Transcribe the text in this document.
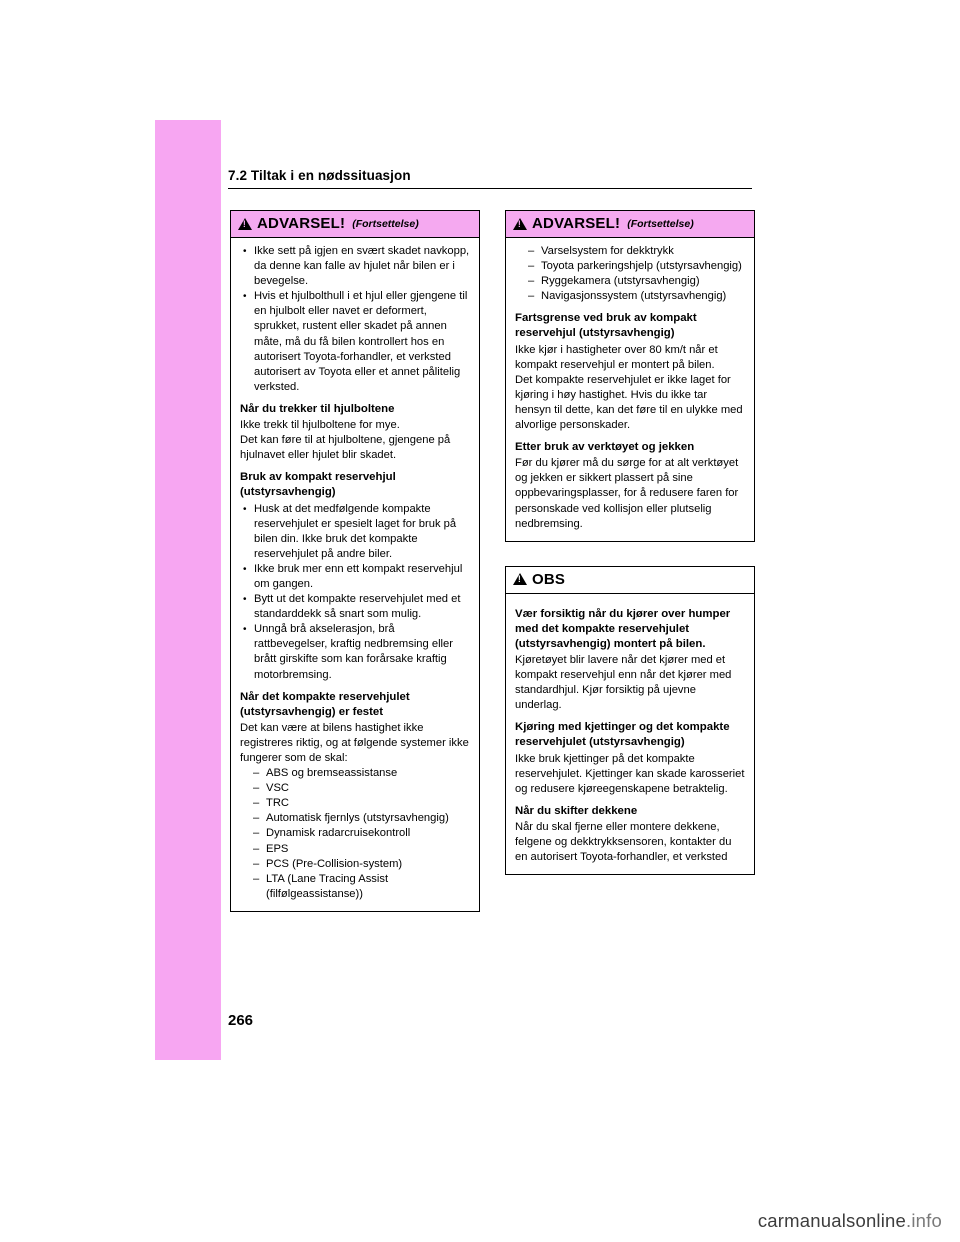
7.2 Tiltak i en nødssituasjon
!
ADVARSEL! (Fortsettelse)
• Ikke sett på igjen en svært skadet navkopp, da denne kan falle av hjulet når bilen er i bevegelse.
• Hvis et hjulbolthull i et hjul eller gjengene til en hjulbolt eller navet er deformert, sprukket, rustent eller skadet på annen måte, må du få bilen kontrollert hos en autorisert Toyota-forhandler, et verksted autorisert av Toyota eller et annet pålitelig verksted.
Når du trekker til hjulboltene

Ikke trekk til hjulboltene for mye.

Det kan føre til at hjulboltene, gjengene på hjulnavet eller hjulet blir skadet.

Bruk av kompakt reservehjul (utstyrsavhengig)
• Husk at det medfølgende kompakte reservehjulet er spesielt laget for bruk på bilen din. Ikke bruk det kompakte reservehjulet på andre biler.
• Ikke bruk mer enn ett kompakt reservehjul om gangen.
• Bytt ut det kompakte reservehjulet med et standarddekk så snart som mulig.
• Unngå brå akselerasjon, brå rattbevegelser, kraftig nedbremsing eller brått girskifte som kan forårsake kraftig motorbremsing.
Når det kompakte reservehjulet (utstyrsavhengig) er festet

Det kan være at bilens hastighet ikke registreres riktig, og at følgende systemer ikke fungerer som de skal:

– ABS og bremseassistanse
– VSC
– TRC
– Automatisk fjernlys (utstyrsavhengig)
– Dynamisk radarcruisekontroll
– EPS
– PCS (Pre-Collision-system)
– LTA (Lane Tracing Assist (filfølgeassistanse))
!
ADVARSEL! (Fortsettelse)
– Varselsystem for dekktrykk
– Toyota parkeringshjelp (utstyrsavhengig)
– Ryggekamera (utstyrsavhengig)
– Navigasjonssystem (utstyrsavhengig)
Fartsgrense ved bruk av kompakt reservehjul (utstyrsavhengig)

Ikke kjør i hastigheter over 80 km/t når et kompakt reservehjul er montert på bilen.

Det kompakte reservehjulet er ikke laget for kjøring i høy hastighet. Hvis du ikke tar hensyn til dette, kan det føre til en ulykke med alvorlige personskader.

Etter bruk av verktøyet og jekken

Før du kjører må du sørge for at alt verktøyet og jekken er sikkert plassert på sine oppbevaringsplasser, for å redusere faren for personskade ved kollisjon eller plutselig nedbremsing.

!
OBS
Vær forsiktig når du kjører over humper med det kompakte reservehjulet (utstyrsavhengig) montert på bilen.

Kjøretøyet blir lavere når det kjører med et kompakt reservehjul enn når det kjører med standardhjul. Kjør forsiktig på ujevne underlag.

Kjøring med kjettinger og det kompakte reservehjulet (utstyrsavhengig)

Ikke bruk kjettinger på det kompakte reservehjulet. Kjettinger kan skade karosseriet og redusere kjøreegenskapene betraktelig.

Når du skifter dekkene

Når du skal fjerne eller montere dekkene, felgene og dekktrykksensoren, kontakter du en autorisert Toyota-forhandler, et verksted

266
carmanualsonline.info
